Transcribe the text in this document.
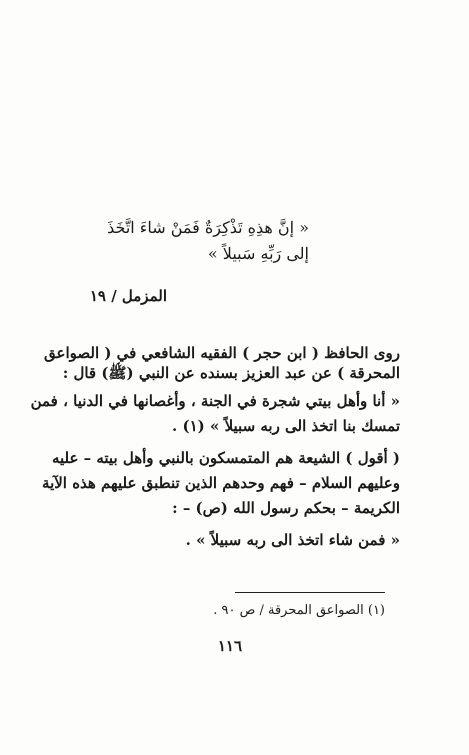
« إنَّ هذِهِ تَذْكِرَةٌ فَمَنْ شاءَ اتَّخَذَ
إلى رَبِّهِ سَبيلاً »
المزمل / ١٩
روى الحافظ ( ابن حجر ) الفقيه الشافعي في ( الصواعق
المحرقة ) عن عبد العزيز بسنده عن النبي (ﷺ) قال :
« أنا وأهل بيتي شجرة في الجنة ، وأغصانها في الدنيا ، فمن
تمسك بنا اتخذ الى ربه سبيلاً » (١) .
( أقول ) الشيعة هم المتمسكون بالنبي وأهل بيته – عليه
وعليهم السلام – فهم وحدهم الذين تنطبق عليهم هذه الآية
الكريمة – بحكم رسول الله (ص) – :
« فمن شاء اتخذ الى ربه سبيلاً » .
(١) الصواعق المحرقة / ص ٩٠ .
١١٦
